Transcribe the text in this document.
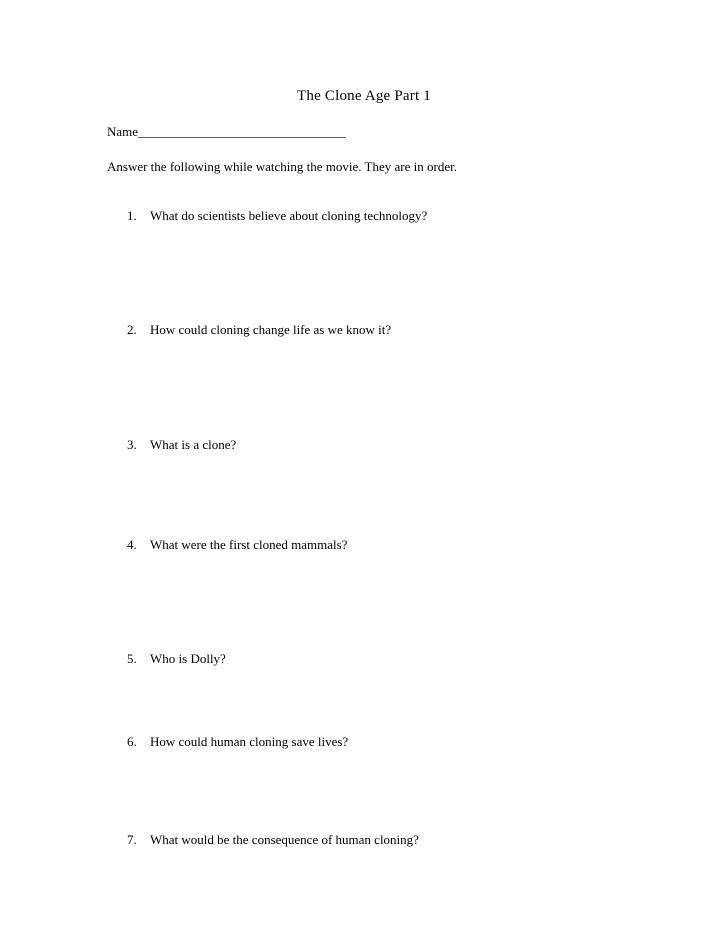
The Clone Age Part 1
Name________________________________
Answer the following while watching the movie. They are in order.
1. What do scientists believe about cloning technology?
2. How could cloning change life as we know it?
3. What is a clone?
4. What were the first cloned mammals?
5. Who is Dolly?
6. How could human cloning save lives?
7. What would be the consequence of human cloning?
